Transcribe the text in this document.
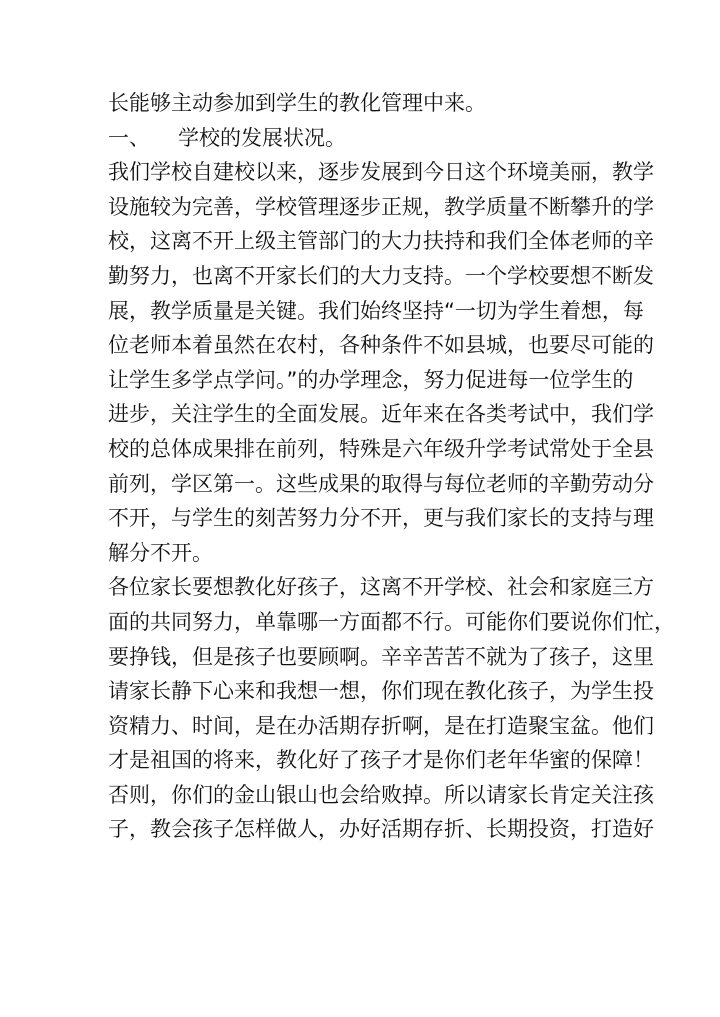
长能够主动参加到学生的教化管理中来。
一、 学校的发展状况。
我们学校自建校以来，逐步发展到今日这个环境美丽，教学
设施较为完善，学校管理逐步正规，教学质量不断攀升的学
校，这离不开上级主管部门的大力扶持和我们全体老师的辛
勤努力，也离不开家长们的大力支持。一个学校要想不断发
展，教学质量是关键。我们始终坚持“一切为学生着想，每
位老师本着虽然在农村，各种条件不如县城，也要尽可能的
让学生多学点学问。”的办学理念，努力促进每一位学生的
进步，关注学生的全面发展。近年来在各类考试中，我们学
校的总体成果排在前列，特殊是六年级升学考试常处于全县
前列，学区第一。这些成果的取得与每位老师的辛勤劳动分
不开，与学生的刻苦努力分不开，更与我们家长的支持与理
解分不开。
各位家长要想教化好孩子，这离不开学校、社会和家庭三方
面的共同努力，单靠哪一方面都不行。可能你们要说你们忙，
要挣钱，但是孩子也要顾啊。辛辛苦苦不就为了孩子，这里
请家长静下心来和我想一想，你们现在教化孩子，为学生投
资精力、时间，是在办活期存折啊，是在打造聚宝盆。他们
才是祖国的将来，教化好了孩子才是你们老年华蜜的保障！
否则，你们的金山银山也会给败掉。所以请家长肯定关注孩
子，教会孩子怎样做人，办好活期存折、长期投资，打造好
